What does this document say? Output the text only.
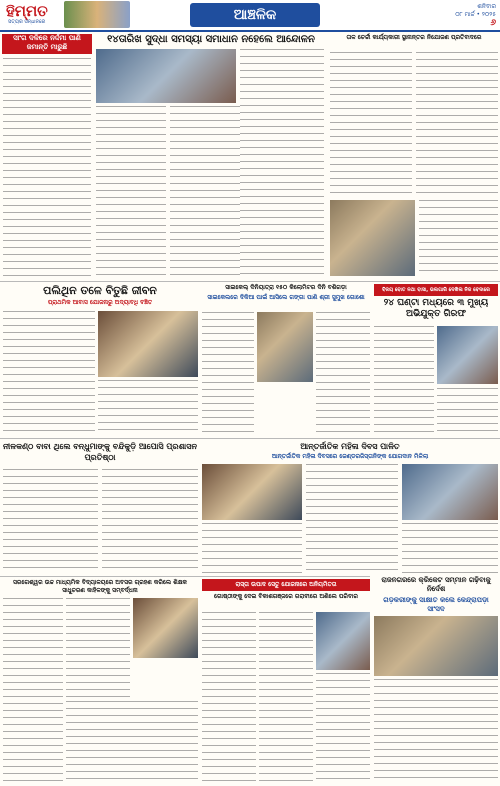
ହିମ୍ମତ
ସତ୍ୟର ସନ୍ଧାନରେ	ଆଞ୍ଚଳିକ
ଶନିବାର
୦୮ ମାର୍ଚ୍ଚ • ୨୦୨୫
୬
ସାଂଗ ଦଳିରେ ନର୍ଦ୍ଦମା ପାଣି ଜମାନ୍ତି ମାରୁଛି
୧୪ତାରିଖ ସୁଦ୍ଧା ସମସ୍ୟା ସମାଧାନ ନହେଲେ ଆନ୍ଦୋଳନ	ତାଳ ଚେର୍ଚ୍ଚୀ କାର୍ଯ୍ୟକାରୀ ସ୍ଥାନାନ୍ତର ନିଯୋଜଣ ପ୍ରତିବାଦରେ
ପଲିଥିନ ତଳେ ବିତୁଛି ଜୀବନ
ପ୍ରାଥମିକ ଆବାସ ଯୋଜନାରୁ ଅଦ୍ୟାବଧି ବଞ୍ଚିତ
ସାଇକେଲ୍ ଦିନିୟାତ୍ରା ୧୫୦ କିଲୋମିଟର ଦିନି ବଶିଗଡ଼ା
ସାଇକେଲରେ ଦିକିଆ ପାଇଁ ଆସିଲେ ଗଙ୍ଗା ପାଣି ଶ୍ରୀ ସୁମୁଖ ଗୋଶୋ
ବିଜୟ ବୋତ ନଥା ବାସା, ଭଲଗାରି ଦେଖିଲ ନିଜ ବେଦାରେ
୨୪ ଘଣ୍ଟା ମଧ୍ୟରେ ୩ ମୁଖ୍ୟ ଅଭିଯୁକ୍ତ ଗିରଫ
ନୀଳକଣ୍ଠ ବାବା ଥିଲେ ବନ୍ଧୁମାଙ୍କୁ ବନ୍ଦିକୁଡ଼ି ଆପୋସି ପ୍ରଶାସନ ପ୍ରତିଷ୍ଠା
ଆନ୍ତର୍ଜାତିକ ମହିଳା ଦିବସ ପାଳିତ
ଆନ୍ତର୍ଜାତିକ ମହିଳା ଦିବସରେ ଜେଣ୍ଡରଜିସ୍ତାନିଙ୍କ ଯୋଗଦାନ ମିଳିଲା
ରାଜନଗରରେ କ୍ରିକେଟ ସମ୍ମାନ ଗଢ଼ିବାକୁ ନିର୍ଦେଶ
ଗଡ଼କରୀଙ୍କୁ ସାକ୍ଷାତ କଲେ କେନ୍ଦ୍ରାପଡ଼ା ସାଂସଦ
ସରଗେଶ୍ୱର ଉଚ୍ଚ ମାଧ୍ୟମିକ ବିଦ୍ୟାଳୟରେ ଅବସର ଗ୍ରହଣ କରିଲେ ଶିକ୍ଷକ ସାଧୁଚରଣ କାହିଳଙ୍କୁ ସମ୍ବର୍ଦ୍ଧନା
ରାସ୍ତା ଉପାଦ ସେତୁ ଯୋଜନାରେ ଅନିୟମିତତା
ଗୋଷ୍ଠୀଙ୍କୁ ଦେଇ ବିକାଶଗଞ୍ଜରେ ଗରାବୀରେ ଅଣିଲେ ପରିବାର
